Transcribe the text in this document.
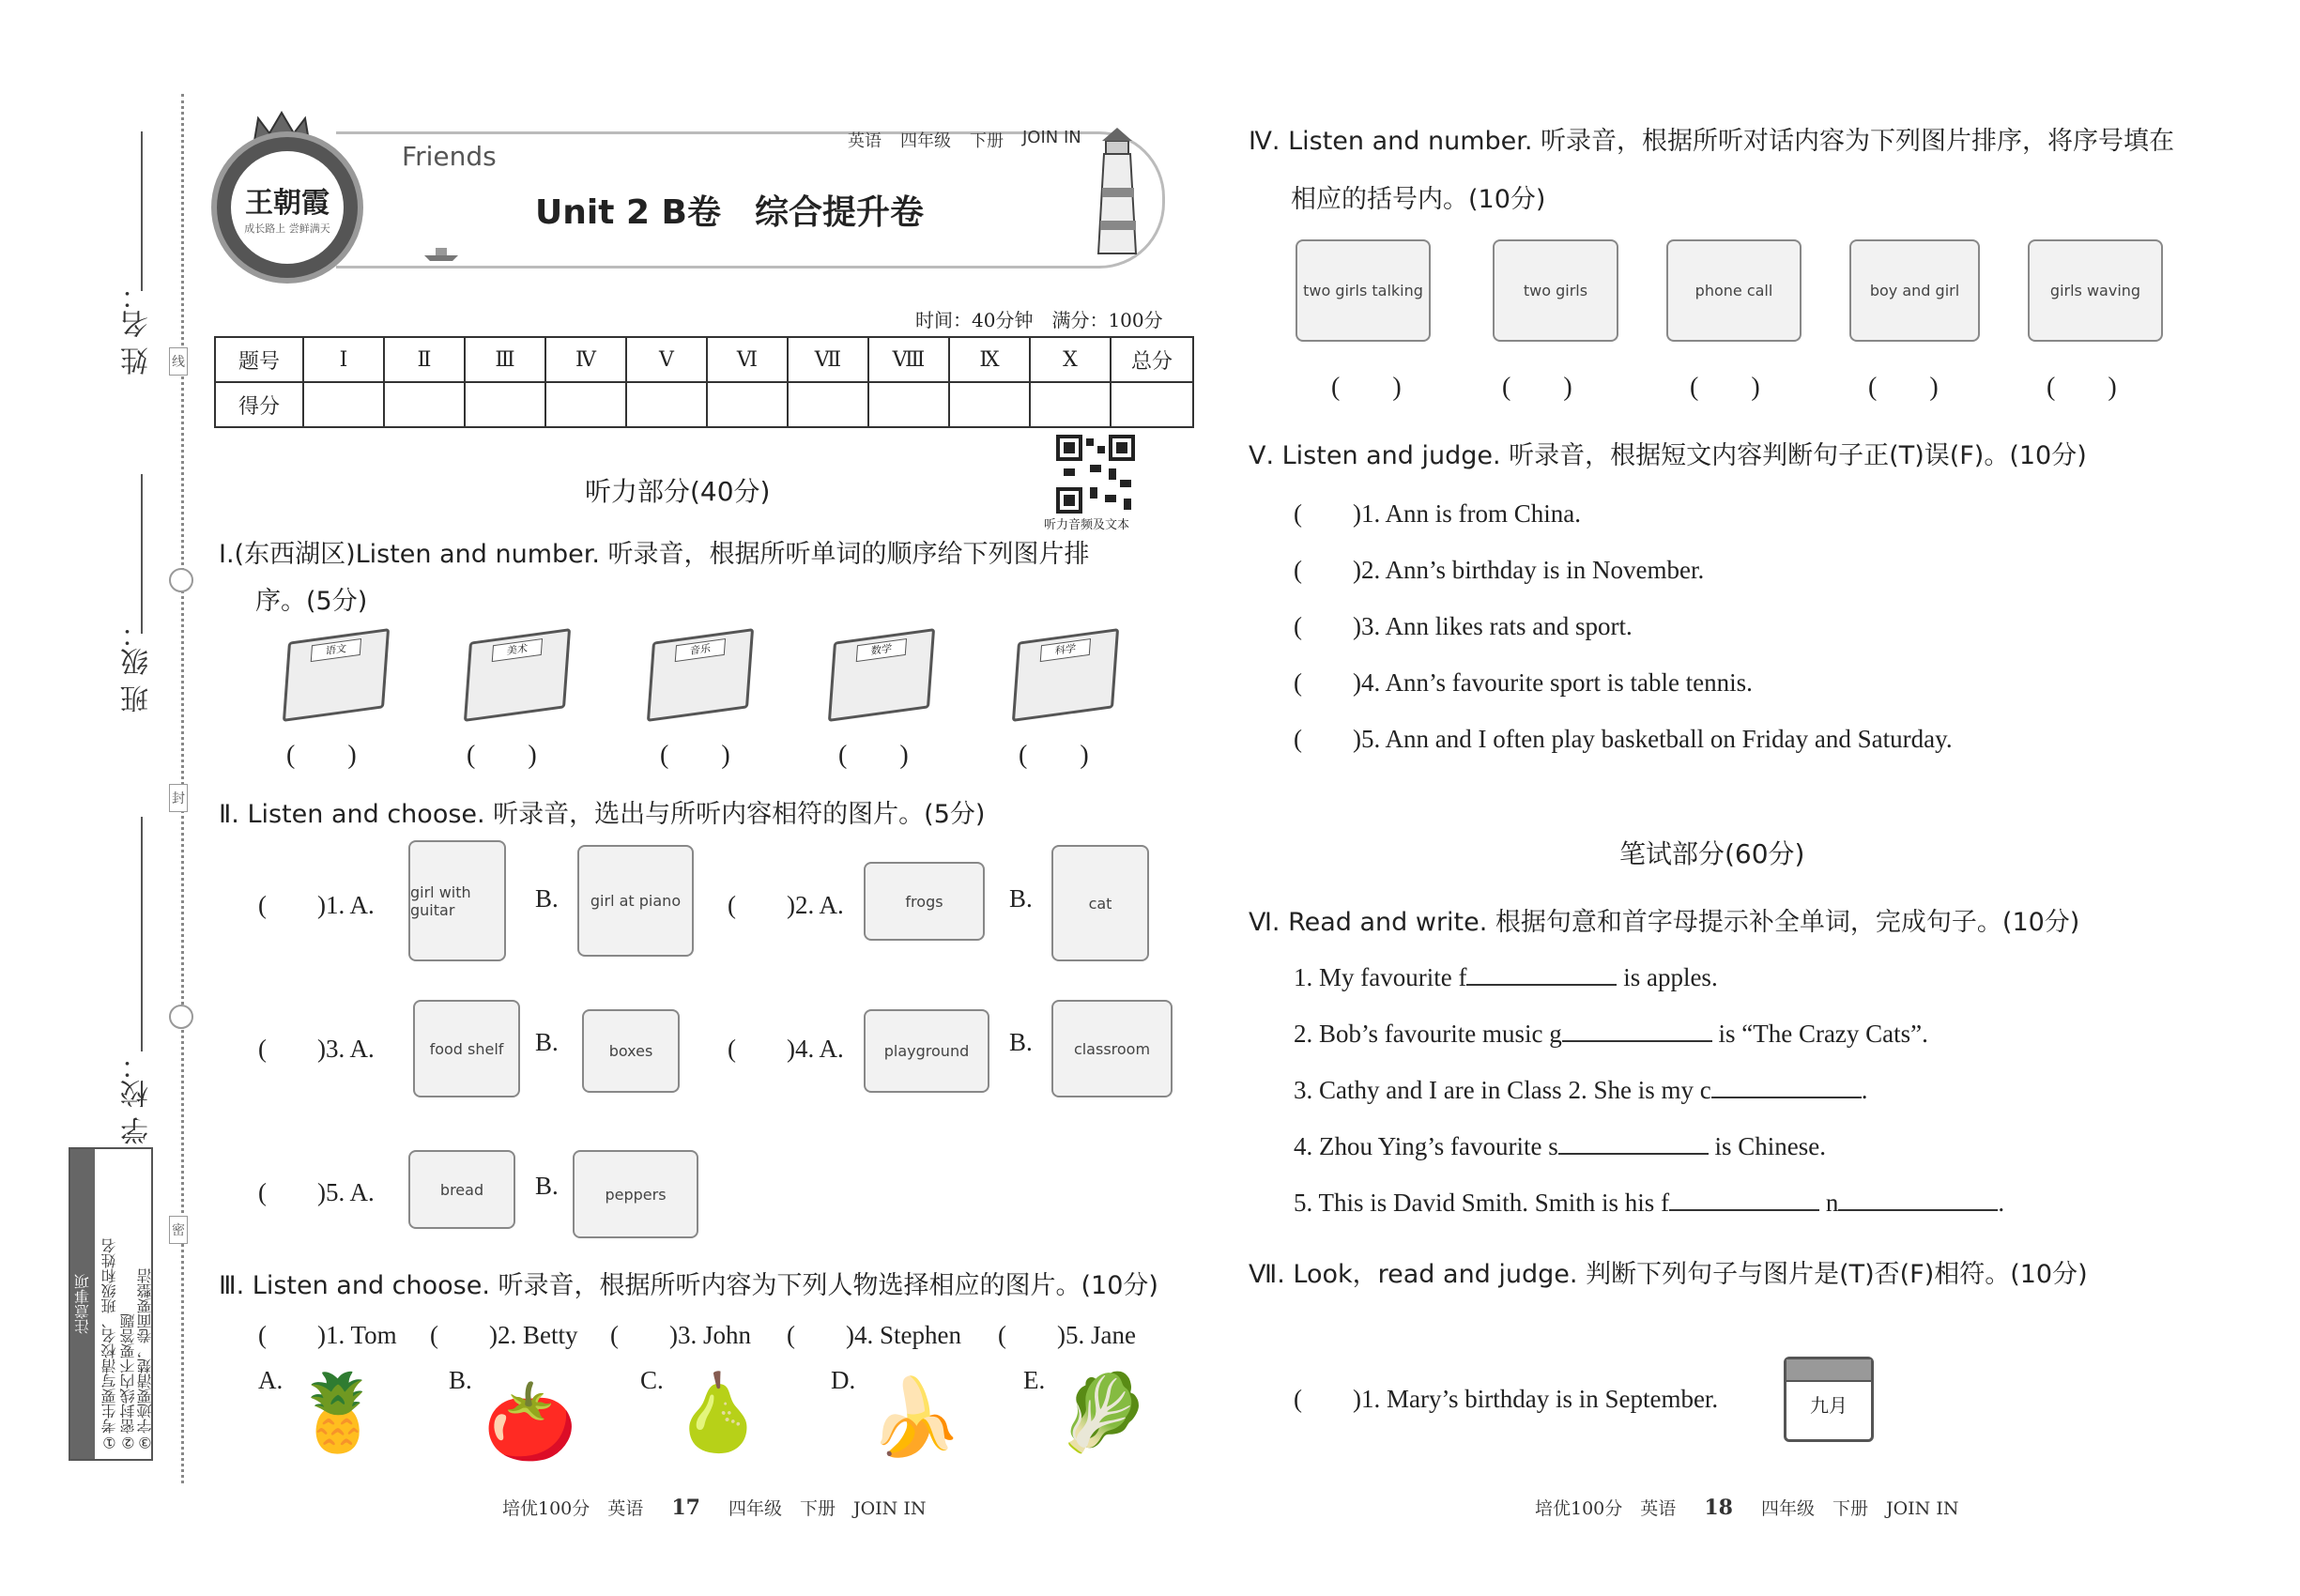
姓 名：
班 级：
学 校：
线
封
密
注意事项 ①考生要写清校名、班级和姓名 ②密封线内不要答题 ③字迹要清楚，卷面要整洁
王朝霞
成长路上 尝鲜满天
Friends	英语 四年级 下册 JOIN IN
Unit 2 B卷　综合提升卷
时间：40分钟　满分：100分
题号	I	Ⅱ	Ⅲ	Ⅳ	Ⅴ	Ⅵ	Ⅶ	Ⅷ	Ⅸ	X	总分
得分											
听力音频及文本
听力部分(40分)
I.(东西湖区)Listen and number. 听录音，根据所听单词的顺序给下列图片排
序。(5分)
语文	美术	音乐	数学	科学
(　　)	(　　)	(　　)	(　　)	(　　)
Ⅱ. Listen and choose. 听录音，选出与所听内容相符的图片。(5分)
(　　)1. A. girl with guitar	B.	girl at piano	(　　)2. A.	frogs	B.	cat
(　　)3. A.	food shelf	B.	boxes	(　　)4. A.	playground	B.	classroom
(　　)5. A.	bread	B.	peppers
Ⅲ. Listen and choose. 听录音，根据所听内容为下列人物选择相应的图片。(10分)
(　　)1. Tom (　　)2. Betty (　　)3. John (　　)4. Stephen (　　)5. Jane
A. 🍍	B. 🍅 C. 🍐	D. 🍌 E. 🥬
培优100分　英语 17 四年级　下册　JOIN IN
Ⅳ. Listen and number. 听录音，根据所听对话内容为下列图片排序，将序号填在
相应的括号内。(10分)
two girls talking	two girls	phone call	boy and girl	girls waving
(　　)	(　　)	(　　)	(　　)	(　　)
Ⅴ. Listen and judge. 听录音，根据短文内容判断句子正(T)误(F)。(10分)
(　　)1. Ann is from China.
(　　)2. Ann’s birthday is in November.
(　　)3. Ann likes rats and sport.
(　　)4. Ann’s favourite sport is table tennis.
(　　)5. Ann and I often play basketball on Friday and Saturday.
笔试部分(60分)
Ⅵ. Read and write. 根据句意和首字母提示补全单词，完成句子。(10分)
1. My favourite f	is apples.
2. Bob’s favourite music g	is “The Crazy Cats”.
3. Cathy and I are in Class 2. She is my c	.
4. Zhou Ying’s favourite s	is Chinese.
5. This is David Smith. Smith is his f	n	.
Ⅶ. Look，read and judge. 判断下列句子与图片是(T)否(F)相符。(10分)
(　　)1. Mary’s birthday is in September.	九月
培优100分　英语 18 四年级　下册　JOIN IN
